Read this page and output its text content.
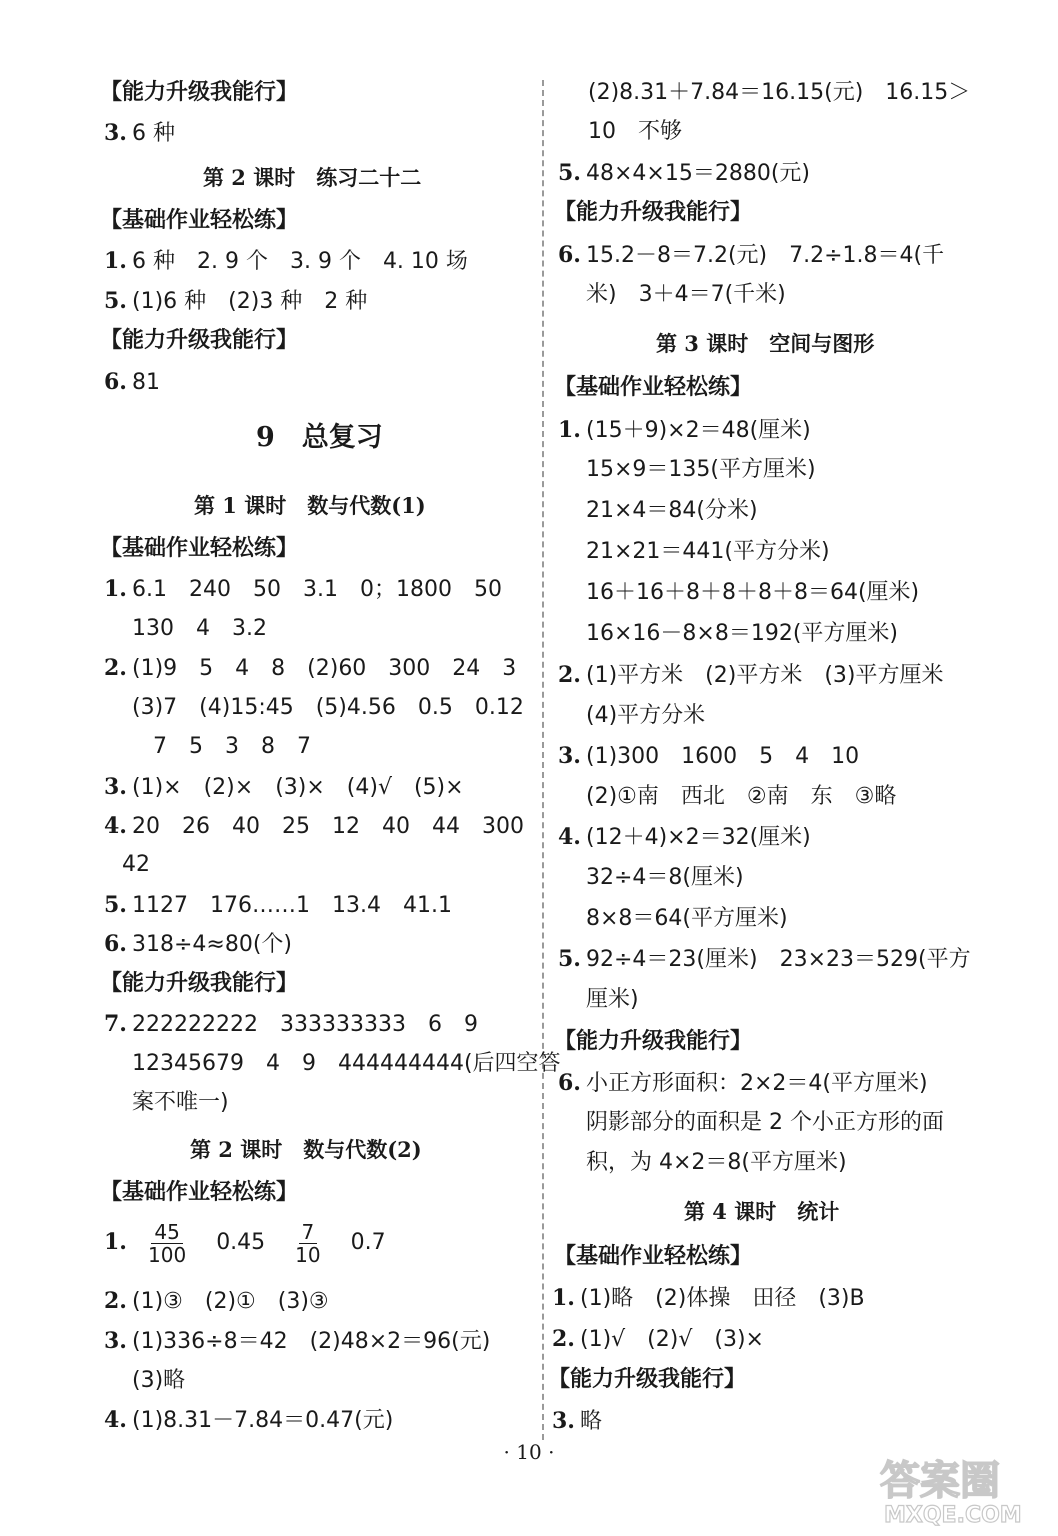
【能力升级我能行】
3. 6 种
第 2 课时　练习二十二
【基础作业轻松练】
1. 6 种　2. 9 个　3. 9 个　4. 10 场
5. (1)6 种　(2)3 种　2 种
【能力升级我能行】
6. 81
9　总复习
第 1 课时　数与代数(1)
【基础作业轻松练】
1. 6.1　240　50　3.1　0；1800　50
130　4　3.2
2. (1)9　5　4　8　(2)60　300　24　3
(3)7　(4)15:45　(5)4.56　0.5　0.12
7　5　3　8　7
3. (1)×　(2)×　(3)×　(4)√　(5)×
4. 20　26　40　25　12　40　44　300
42
5. 1127　176……1　13.4　41.1
6. 318÷4≈80(个)
【能力升级我能行】
7. 222222222　333333333　6　9
12345679　4　9　444444444(后四空答
案不唯一)
第 2 课时　数与代数(2)
【基础作业轻松练】
1. $\frac{45}{100} 0.45 \frac{7}{10} 0.7$
2. (1)③　(2)①　(3)③
3. (1)336÷8＝42　(2)48×2＝96(元)
(3)略
4. (1)8.31－7.84＝0.47(元)
(2)8.31＋7.84＝16.15(元)　16.15＞
10　不够
5. 48×4×15＝2880(元)
【能力升级我能行】
6. 15.2－8＝7.2(元)　7.2÷1.8＝4(千
米)　3＋4＝7(千米)
第 3 课时　空间与图形
【基础作业轻松练】
1. (15＋9)×2＝48(厘米)
15×9＝135(平方厘米)
21×4＝84(分米)
21×21＝441(平方分米)
16＋16＋8＋8＋8＋8＝64(厘米)
16×16－8×8＝192(平方厘米)
2. (1)平方米　(2)平方米　(3)平方厘米
(4)平方分米
3. (1)300　1600　5　4　10
(2)①南　西北　②南　东　③略
4. (12＋4)×2＝32(厘米)
32÷4＝8(厘米)
8×8＝64(平方厘米)
5. 92÷4＝23(厘米)　23×23＝529(平方
厘米)
【能力升级我能行】
6. 小正方形面积：2×2＝4(平方厘米)
阴影部分的面积是 2 个小正方形的面
积，为 4×2＝8(平方厘米)
第 4 课时　统计
【基础作业轻松练】
1. (1)略　(2)体操　田径　(3)B
2. (1)√　(2)√　(3)×
【能力升级我能行】
3. 略
· 10 ·
答案圈
MXQE.COM
